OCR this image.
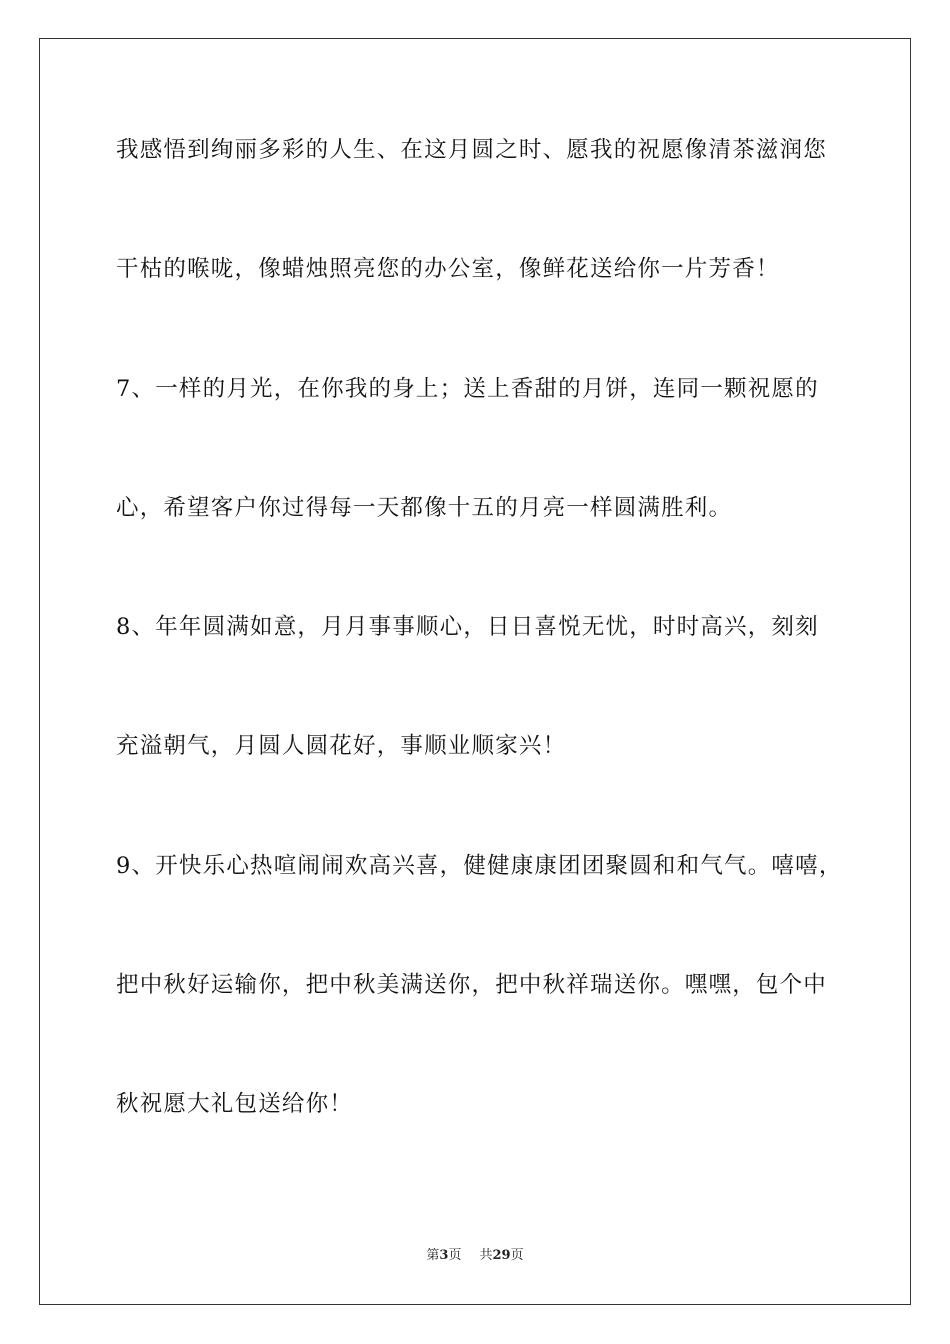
我感悟到绚丽多彩的人生、在这月圆之时、愿我的祝愿像清茶滋润您
干枯的喉咙，像蜡烛照亮您的办公室，像鲜花送给你一片芳香！
7、一样的月光，在你我的身上；送上香甜的月饼，连同一颗祝愿的
心，希望客户你过得每一天都像十五的月亮一样圆满胜利。
8、年年圆满如意，月月事事顺心，日日喜悦无忧，时时高兴，刻刻
充溢朝气，月圆人圆花好，事顺业顺家兴！
9、开快乐心热喧闹闹欢高兴喜，健健康康团团聚圆和和气气。嘻嘻，
把中秋好运输你，把中秋美满送你，把中秋祥瑞送你。嘿嘿，包个中
秋祝愿大礼包送给你！
第3页 共29页
